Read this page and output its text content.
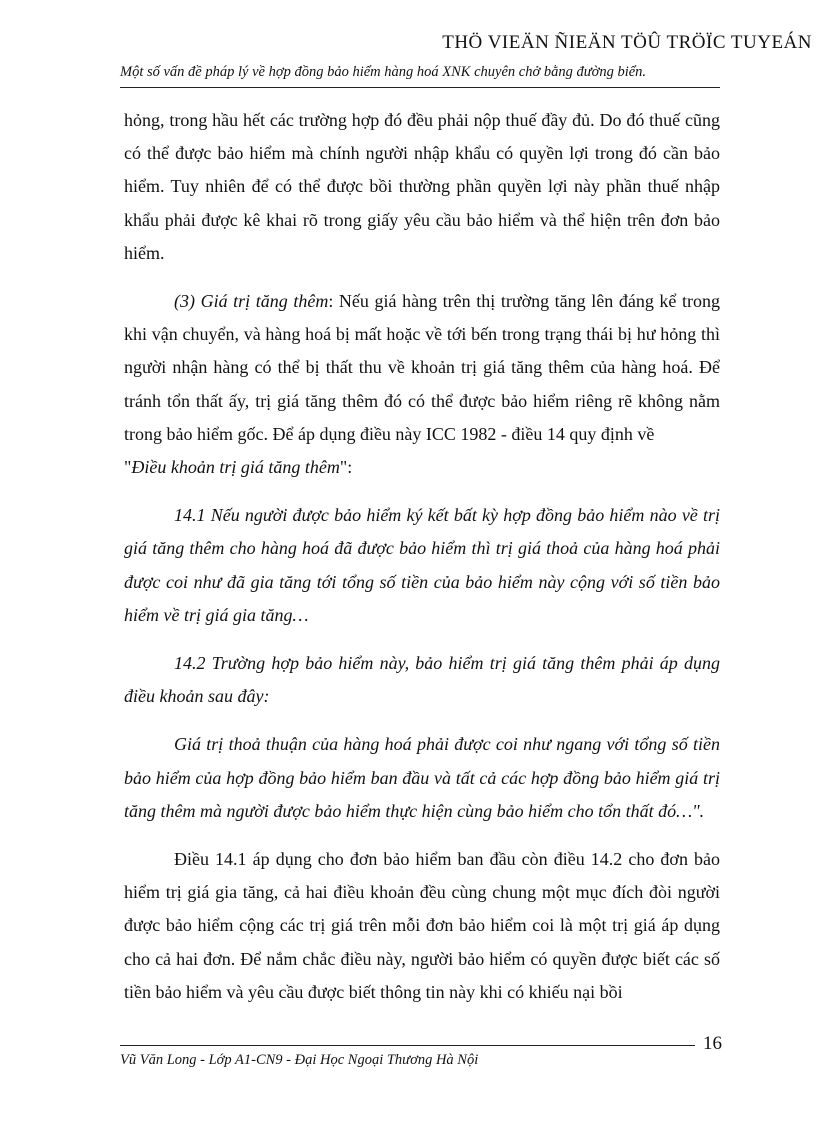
THÖ VIEÄN ÑIEÄN TÖÛ TRÖÏC TUYEÁN
Một số vấn đề pháp lý về hợp đồng bảo hiểm hàng hoá XNK chuyên chở bằng đường biển.

hỏng, trong hầu hết các trường hợp đó đều phải nộp thuế đầy đủ. Do đó thuế cũng có thể được bảo hiểm mà chính người nhập khẩu có quyền lợi trong đó cần bảo hiểm. Tuy nhiên để có thể được bồi thường phần quyền lợi này phần thuế nhập khẩu phải được kê khai rõ trong giấy yêu cầu bảo hiểm và thể hiện trên đơn bảo hiểm.

(3) Giá trị tăng thêm: Nếu giá hàng trên thị trường tăng lên đáng kể trong khi vận chuyển, và hàng hoá bị mất hoặc về tới bến trong trạng thái bị hư hỏng thì người nhận hàng có thể bị thất thu về khoản trị giá tăng thêm của hàng hoá. Để tránh tổn thất ấy, trị giá tăng thêm đó có thể được bảo hiểm riêng rẽ không nằm trong bảo hiểm gốc. Để áp dụng điều này ICC 1982 - điều 14 quy định về
"Điều khoản trị giá tăng thêm":

14.1 Nếu người được bảo hiểm ký kết bất kỳ hợp đồng bảo hiểm nào về trị giá tăng thêm cho hàng hoá đã được bảo hiểm thì trị giá thoả của hàng hoá phải được coi như đã gia tăng tới tổng số tiền của bảo hiểm này cộng với số tiền bảo hiểm về trị giá gia tăng…

14.2 Trường hợp bảo hiểm này, bảo hiểm trị giá tăng thêm phải áp dụng điều khoản sau đây:

Giá trị thoả thuận của hàng hoá phải được coi như ngang với tổng số tiền bảo hiểm của hợp đồng bảo hiểm ban đầu và tất cả các hợp đồng bảo hiểm giá trị tăng thêm mà người được bảo hiểm thực hiện cùng bảo hiểm cho tổn thất đó…".

Điều 14.1 áp dụng cho đơn bảo hiểm ban đầu còn điều 14.2 cho đơn bảo hiểm trị giá gia tăng, cả hai điều khoản đều cùng chung một mục đích đòi người được bảo hiểm cộng các trị giá trên mỗi đơn bảo hiểm coi là một trị giá áp dụng cho cả hai đơn. Để nắm chắc điều này, người bảo hiểm có quyền được biết các số tiền bảo hiểm và yêu cầu được biết thông tin này khi có khiếu nại bồi

Vũ Văn Long - Lớp A1-CN9 - Đại Học Ngoại Thương Hà Nội
16
